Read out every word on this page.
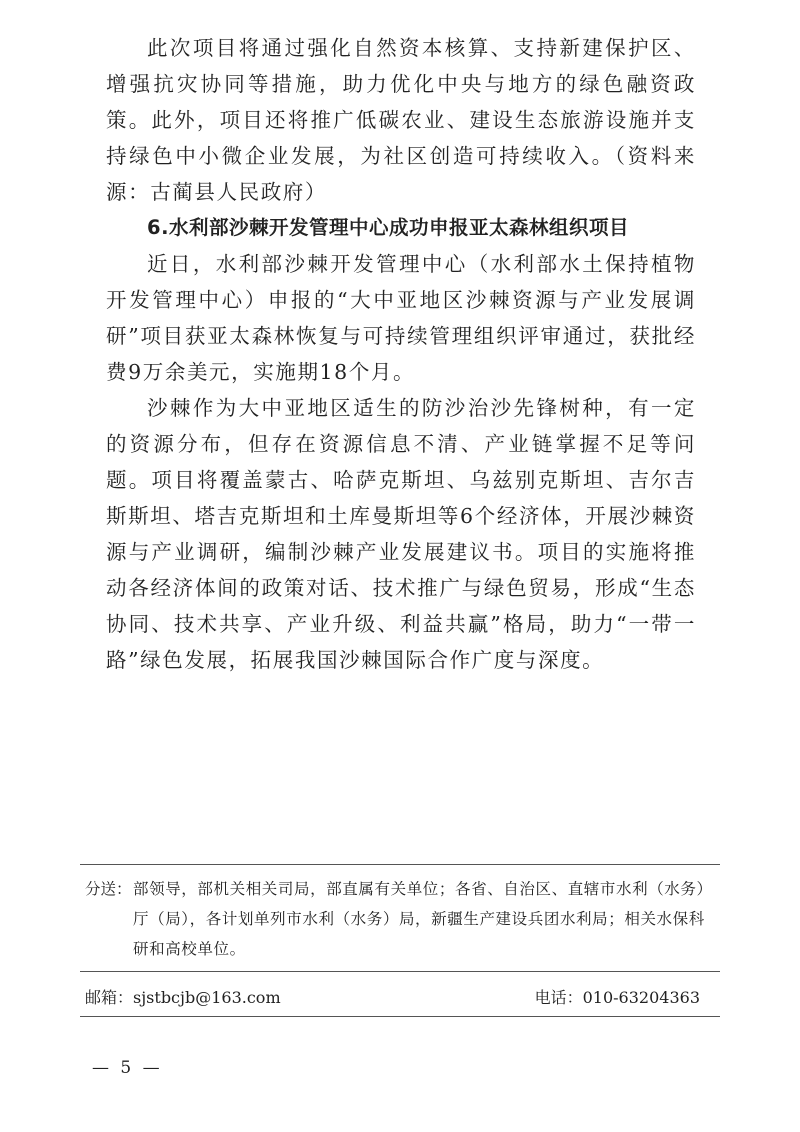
此次项目将通过强化自然资本核算、支持新建保护区、增强抗灾协同等措施，助力优化中央与地方的绿色融资政策。此外，项目还将推广低碳农业、建设生态旅游设施并支持绿色中小微企业发展，为社区创造可持续收入。（资料来源：古蔺县人民政府）

6.水利部沙棘开发管理中心成功申报亚太森林组织项目

近日，水利部沙棘开发管理中心（水利部水土保持植物开发管理中心）申报的“大中亚地区沙棘资源与产业发展调研”项目获亚太森林恢复与可持续管理组织评审通过，获批经费9万余美元，实施期18个月。

沙棘作为大中亚地区适生的防沙治沙先锋树种，有一定的资源分布，但存在资源信息不清、产业链掌握不足等问题。项目将覆盖蒙古、哈萨克斯坦、乌兹别克斯坦、吉尔吉斯斯坦、塔吉克斯坦和土库曼斯坦等6个经济体，开展沙棘资源与产业调研，编制沙棘产业发展建议书。项目的实施将推动各经济体间的政策对话、技术推广与绿色贸易，形成“生态协同、技术共享、产业升级、利益共赢”格局，助力“一带一路”绿色发展，拓展我国沙棘国际合作广度与深度。

分送： 部领导，部机关相关司局，部直属有关单位；各省、自治区、直辖市水利（水务）厅（局），各计划单列市水利（水务）局，新疆生产建设兵团水利局；相关水保科研和高校单位。
邮箱：sjstbcjb@163.com	电话：010-63204363
— 5 —
